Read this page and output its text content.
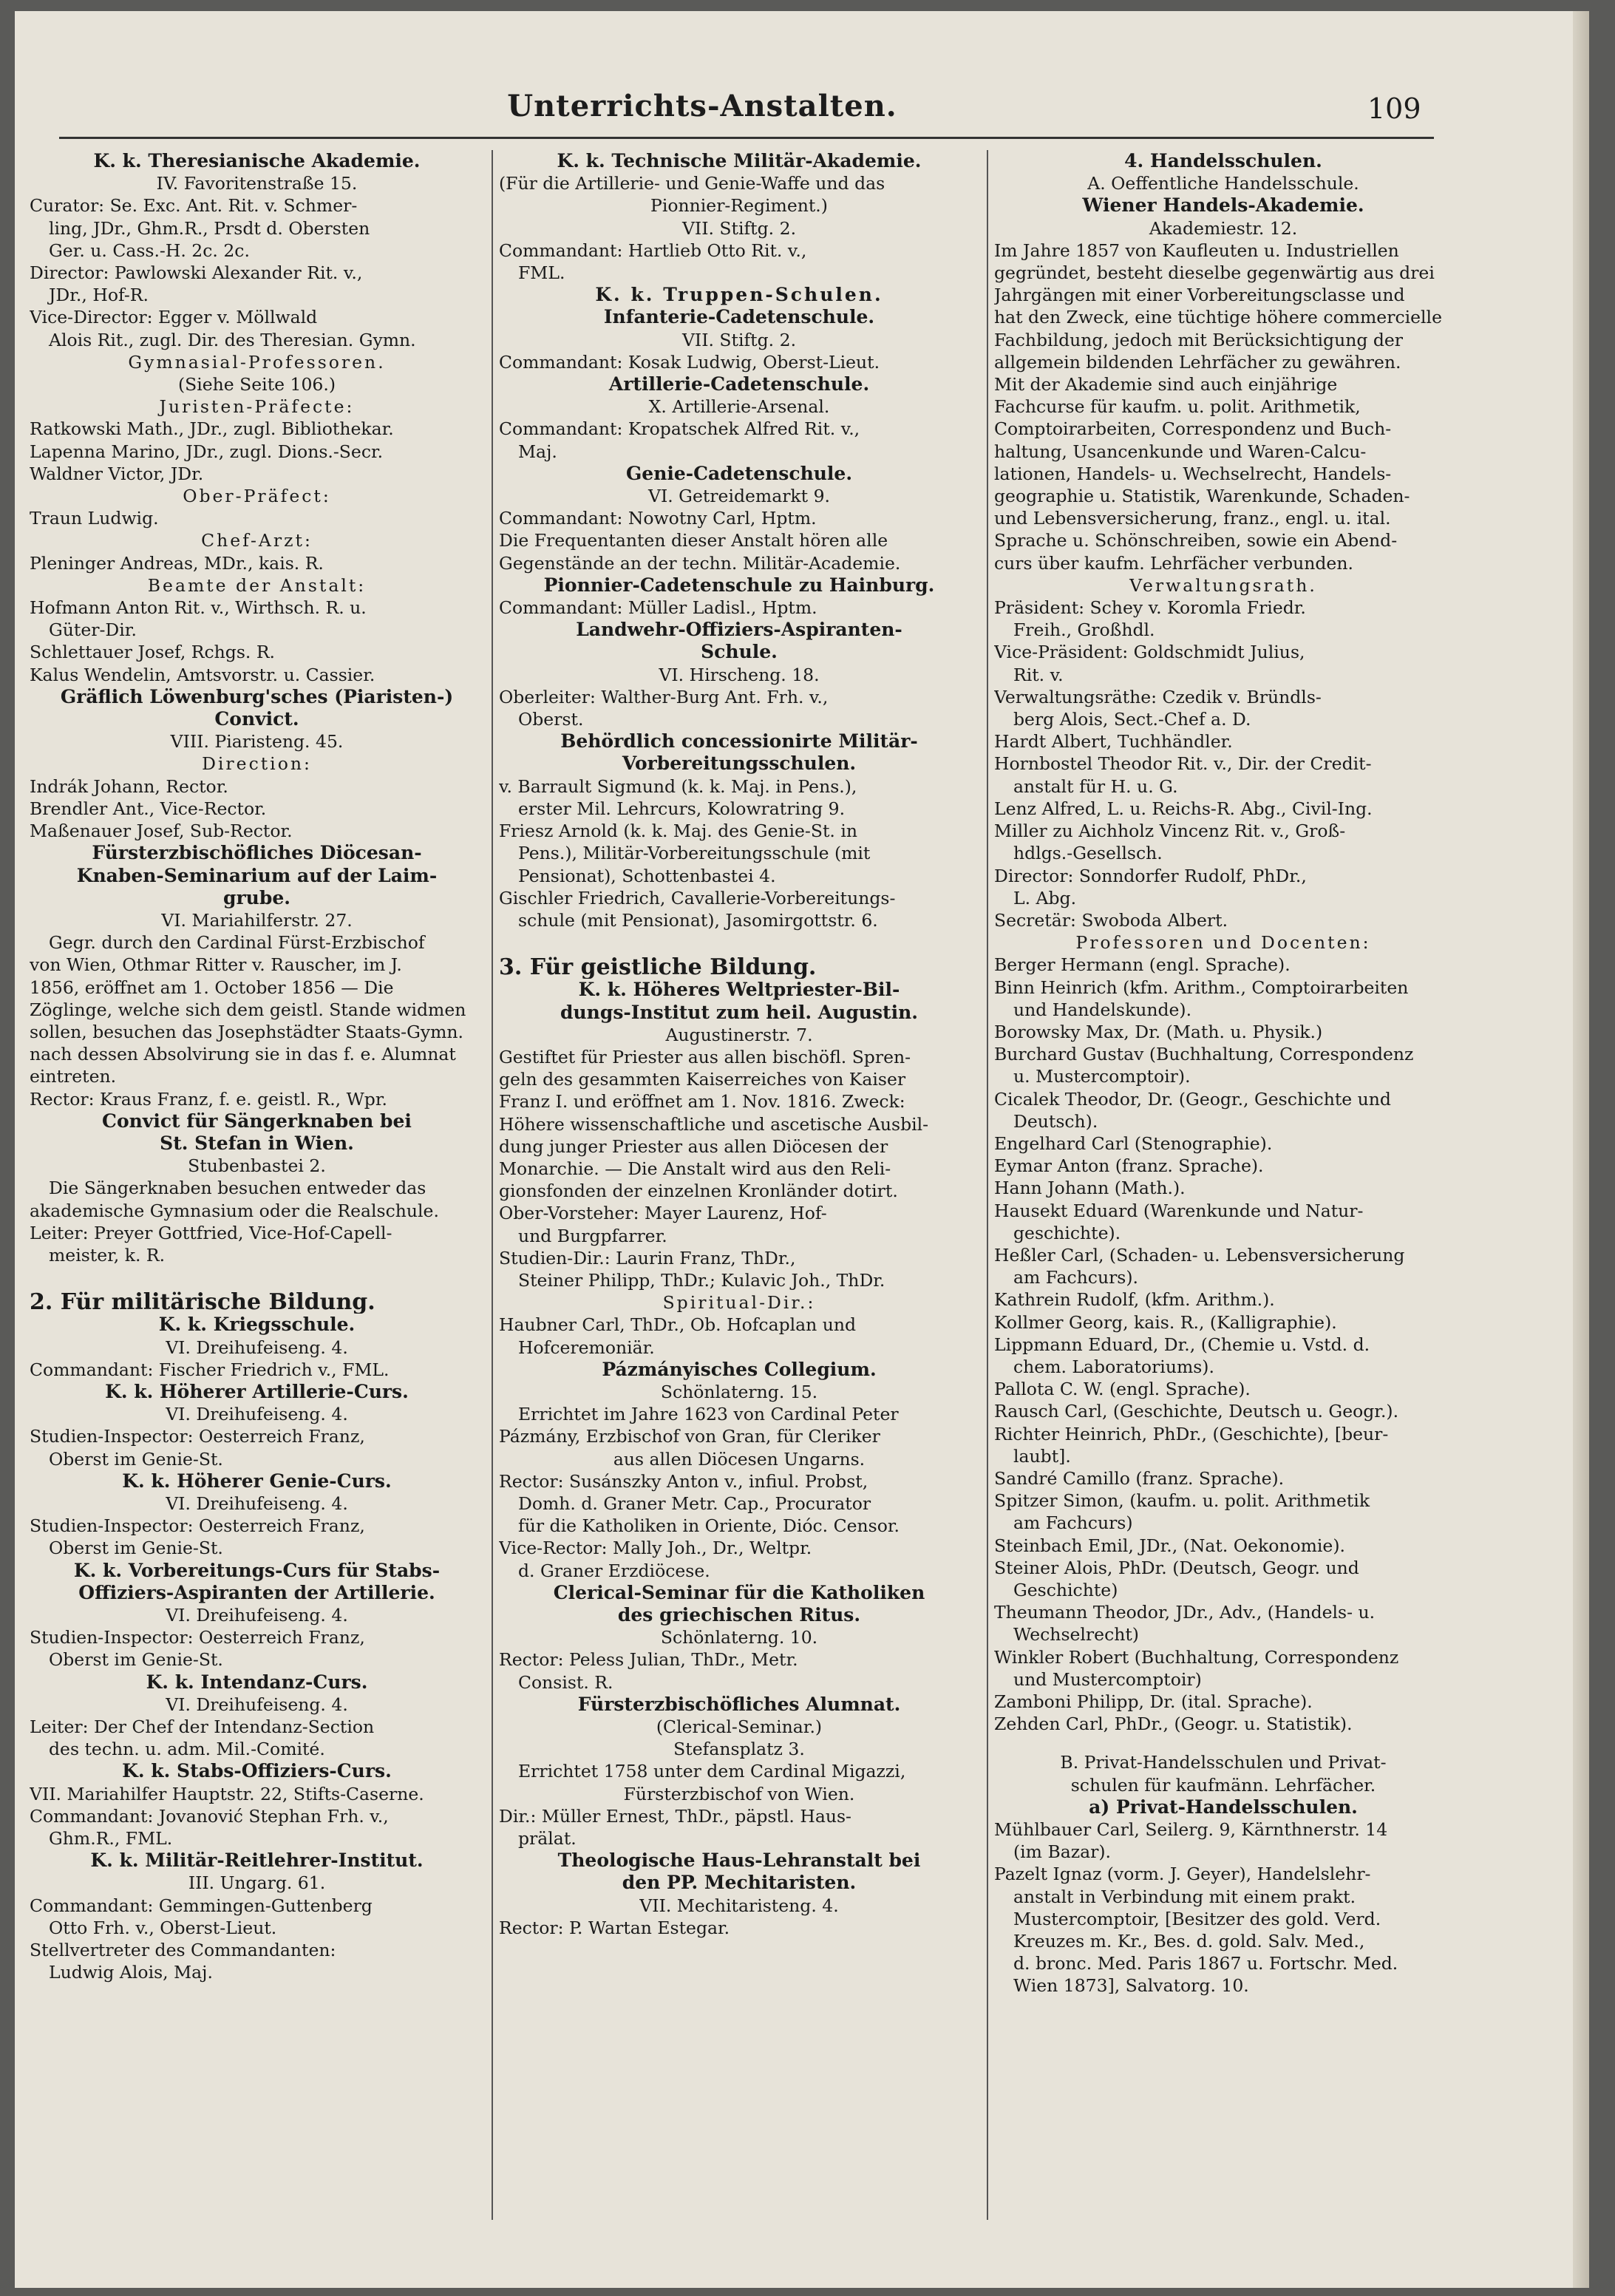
Unterrichts-Anstalten.	109
K. k. Theresianische Akademie.
IV. Favoritenstraße 15.
Curator: Se. Exc. Ant. Rit. v. Schmer-
ling, JDr., Ghm.R., Prsdt d. Obersten
Ger. u. Cass.-H. 2c. 2c.
Director: Pawlowski Alexander Rit. v.,
JDr., Hof-R.
Vice-Director: Egger v. Möllwald
Alois Rit., zugl. Dir. des Theresian. Gymn.
Gymnasial-Professoren.
(Siehe Seite 106.)
Juristen-Präfecte:
Ratkowski Math., JDr., zugl. Bibliothekar.
Lapenna Marino, JDr., zugl. Dions.-Secr.
Waldner Victor, JDr.
Ober-Präfect:
Traun Ludwig.
Chef-Arzt:
Pleninger Andreas, MDr., kais. R.
Beamte der Anstalt:
Hofmann Anton Rit. v., Wirthsch. R. u.
Güter-Dir.
Schlettauer Josef, Rchgs. R.
Kalus Wendelin, Amtsvorstr. u. Cassier.
Gräflich Löwenburg'sches (Piaristen-)
Convict.
VIII. Piaristeng. 45.
Direction:
Indrák Johann, Rector.
Brendler Ant., Vice-Rector.
Maßenauer Josef, Sub-Rector.
Fürsterzbischöfliches Diöcesan-
Knaben-Seminarium auf der Laim-
grube.
VI. Mariahilferstr. 27.
Gegr. durch den Cardinal Fürst-Erzbischof
von Wien, Othmar Ritter v. Rauscher, im J.
1856, eröffnet am 1. October 1856 — Die
Zöglinge, welche sich dem geistl. Stande widmen
sollen, besuchen das Josephstädter Staats-Gymn.
nach dessen Absolvirung sie in das f. e. Alumnat
eintreten.
Rector: Kraus Franz, f. e. geistl. R., Wpr.
Convict für Sängerknaben bei
St. Stefan in Wien.
Stubenbastei 2.
Die Sängerknaben besuchen entweder das
akademische Gymnasium oder die Realschule.
Leiter: Preyer Gottfried, Vice-Hof-Capell-
meister, k. R.
2. Für militärische Bildung.
K. k. Kriegsschule.
VI. Dreihufeiseng. 4.
Commandant: Fischer Friedrich v., FML.
K. k. Höherer Artillerie-Curs.
VI. Dreihufeiseng. 4.
Studien-Inspector: Oesterreich Franz,
Oberst im Genie-St.
K. k. Höherer Genie-Curs.
VI. Dreihufeiseng. 4.
Studien-Inspector: Oesterreich Franz,
Oberst im Genie-St.
K. k. Vorbereitungs-Curs für Stabs-
Offiziers-Aspiranten der Artillerie.
VI. Dreihufeiseng. 4.
Studien-Inspector: Oesterreich Franz,
Oberst im Genie-St.
K. k. Intendanz-Curs.
VI. Dreihufeiseng. 4.
Leiter: Der Chef der Intendanz-Section
des techn. u. adm. Mil.-Comité.
K. k. Stabs-Offiziers-Curs.
VII. Mariahilfer Hauptstr. 22, Stifts-Caserne.
Commandant: Jovanović Stephan Frh. v.,
Ghm.R., FML.
K. k. Militär-Reitlehrer-Institut.
III. Ungarg. 61.
Commandant: Gemmingen-Guttenberg
Otto Frh. v., Oberst-Lieut.
Stellvertreter des Commandanten:
Ludwig Alois, Maj.
K. k. Technische Militär-Akademie.
(Für die Artillerie- und Genie-Waffe und das
Pionnier-Regiment.)
VII. Stiftg. 2.
Commandant: Hartlieb Otto Rit. v.,
FML.
K. k. Truppen-Schulen.
Infanterie-Cadetenschule.
VII. Stiftg. 2.
Commandant: Kosak Ludwig, Oberst-Lieut.
Artillerie-Cadetenschule.
X. Artillerie-Arsenal.
Commandant: Kropatschek Alfred Rit. v.,
Maj.
Genie-Cadetenschule.
VI. Getreidemarkt 9.
Commandant: Nowotny Carl, Hptm.
Die Frequentanten dieser Anstalt hören alle
Gegenstände an der techn. Militär-Academie.
Pionnier-Cadetenschule zu Hainburg.
Commandant: Müller Ladisl., Hptm.
Landwehr-Offiziers-Aspiranten-
Schule.
VI. Hirscheng. 18.
Oberleiter: Walther-Burg Ant. Frh. v.,
Oberst.
Behördlich concessionirte Militär-
Vorbereitungsschulen.
v. Barrault Sigmund (k. k. Maj. in Pens.),
erster Mil. Lehrcurs, Kolowratring 9.
Friesz Arnold (k. k. Maj. des Genie-St. in
Pens.), Militär-Vorbereitungsschule (mit
Pensionat), Schottenbastei 4.
Gischler Friedrich, Cavallerie-Vorbereitungs-
schule (mit Pensionat), Jasomirgottstr. 6.
3. Für geistliche Bildung.
K. k. Höheres Weltpriester-Bil-
dungs-Institut zum heil. Augustin.
Augustinerstr. 7.
Gestiftet für Priester aus allen bischöfl. Spren-
geln des gesammten Kaiserreiches von Kaiser
Franz I. und eröffnet am 1. Nov. 1816. Zweck:
Höhere wissenschaftliche und ascetische Ausbil-
dung junger Priester aus allen Diöcesen der
Monarchie. — Die Anstalt wird aus den Reli-
gionsfonden der einzelnen Kronländer dotirt.
Ober-Vorsteher: Mayer Laurenz, Hof-
und Burgpfarrer.
Studien-Dir.: Laurin Franz, ThDr.,
Steiner Philipp, ThDr.; Kulavic Joh., ThDr.
Spiritual-Dir.:
Haubner Carl, ThDr., Ob. Hofcaplan und
Hofceremoniär.
Pázmányisches Collegium.
Schönlaterng. 15.
Errichtet im Jahre 1623 von Cardinal Peter
Pázmány, Erzbischof von Gran, für Cleriker
aus allen Diöcesen Ungarns.
Rector: Susánszky Anton v., infiul. Probst,
Domh. d. Graner Metr. Cap., Procurator
für die Katholiken in Oriente, Dióc. Censor.
Vice-Rector: Mally Joh., Dr., Weltpr.
d. Graner Erzdiöcese.
Clerical-Seminar für die Katholiken
des griechischen Ritus.
Schönlaterng. 10.
Rector: Peless Julian, ThDr., Metr.
Consist. R.
Fürsterzbischöfliches Alumnat.
(Clerical-Seminar.)
Stefansplatz 3.
Errichtet 1758 unter dem Cardinal Migazzi,
Fürsterzbischof von Wien.
Dir.: Müller Ernest, ThDr., päpstl. Haus-
prälat.
Theologische Haus-Lehranstalt bei
den PP. Mechitaristen.
VII. Mechitaristeng. 4.
Rector: P. Wartan Estegar.
4. Handelsschulen.
A. Oeffentliche Handelsschule.
Wiener Handels-Akademie.
Akademiestr. 12.
Im Jahre 1857 von Kaufleuten u. Industriellen
gegründet, besteht dieselbe gegenwärtig aus drei
Jahrgängen mit einer Vorbereitungsclasse und
hat den Zweck, eine tüchtige höhere commercielle
Fachbildung, jedoch mit Berücksichtigung der
allgemein bildenden Lehrfächer zu gewähren.
Mit der Akademie sind auch einjährige
Fachcurse für kaufm. u. polit. Arithmetik,
Comptoirarbeiten, Correspondenz und Buch-
haltung, Usancenkunde und Waren-Calcu-
lationen, Handels- u. Wechselrecht, Handels-
geographie u. Statistik, Warenkunde, Schaden-
und Lebensversicherung, franz., engl. u. ital.
Sprache u. Schönschreiben, sowie ein Abend-
curs über kaufm. Lehrfächer verbunden.
Verwaltungsrath.
Präsident: Schey v. Koromla Friedr.
Freih., Großhdl.
Vice-Präsident: Goldschmidt Julius,
Rit. v.
Verwaltungsräthe: Czedik v. Bründls-
berg Alois, Sect.-Chef a. D.
Hardt Albert, Tuchhändler.
Hornbostel Theodor Rit. v., Dir. der Credit-
anstalt für H. u. G.
Lenz Alfred, L. u. Reichs-R. Abg., Civil-Ing.
Miller zu Aichholz Vincenz Rit. v., Groß-
hdlgs.-Gesellsch.
Director: Sonndorfer Rudolf, PhDr.,
L. Abg.
Secretär: Swoboda Albert.
Professoren und Docenten:
Berger Hermann (engl. Sprache).
Binn Heinrich (kfm. Arithm., Comptoirarbeiten
und Handelskunde).
Borowsky Max, Dr. (Math. u. Physik.)
Burchard Gustav (Buchhaltung, Correspondenz
u. Mustercomptoir).
Cicalek Theodor, Dr. (Geogr., Geschichte und
Deutsch).
Engelhard Carl (Stenographie).
Eymar Anton (franz. Sprache).
Hann Johann (Math.).
Hausekt Eduard (Warenkunde und Natur-
geschichte).
Heßler Carl, (Schaden- u. Lebensversicherung
am Fachcurs).
Kathrein Rudolf, (kfm. Arithm.).
Kollmer Georg, kais. R., (Kalligraphie).
Lippmann Eduard, Dr., (Chemie u. Vstd. d.
chem. Laboratoriums).
Pallota C. W. (engl. Sprache).
Rausch Carl, (Geschichte, Deutsch u. Geogr.).
Richter Heinrich, PhDr., (Geschichte), [beur-
laubt].
Sandré Camillo (franz. Sprache).
Spitzer Simon, (kaufm. u. polit. Arithmetik
am Fachcurs)
Steinbach Emil, JDr., (Nat. Oekonomie).
Steiner Alois, PhDr. (Deutsch, Geogr. und
Geschichte)
Theumann Theodor, JDr., Adv., (Handels- u.
Wechselrecht)
Winkler Robert (Buchhaltung, Correspondenz
und Mustercomptoir)
Zamboni Philipp, Dr. (ital. Sprache).
Zehden Carl, PhDr., (Geogr. u. Statistik).
B. Privat-Handelsschulen und Privat-
schulen für kaufmänn. Lehrfächer.
a) Privat-Handelsschulen.
Mühlbauer Carl, Seilerg. 9, Kärnthnerstr. 14
(im Bazar).
Pazelt Ignaz (vorm. J. Geyer), Handelslehr-
anstalt in Verbindung mit einem prakt.
Mustercomptoir, [Besitzer des gold. Verd.
Kreuzes m. Kr., Bes. d. gold. Salv. Med.,
d. bronc. Med. Paris 1867 u. Fortschr. Med.
Wien 1873], Salvatorg. 10.
